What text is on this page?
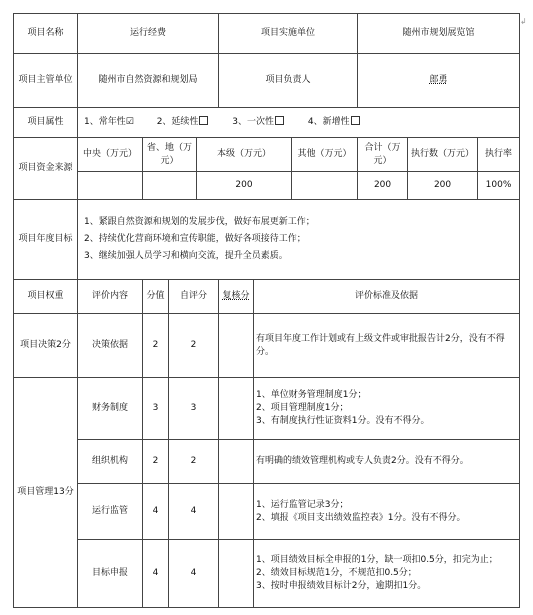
↲
项目名称	运行经费				项目实施单位			随州市规划展览馆		
项目主管单位	随州市自然资源和规划局				项目负责人			郎勇		
项目属性	1、常年性☑ 2、延续性 3、一次性 4、新增性									
项目资金来源	中央（万元）	省、地（万元）		本级（万元）			其他（万元）	合计（万元）	执行数（万元）	执行率
				200				200	200	100%
项目年度目标	1、紧跟自然资源和规划的发展步伐，做好布展更新工作；
2、持续优化营商环境和宣传职能，做好各项接待工作；
3、继续加强人员学习和横向交流，提升全员素质。									

项目权重	评价内容	分值	自评分		复核分	评价标准及依据				
项目决策2分	决策依据	2	2			有项目年度工作计划或有上级文件或审批报告计2分，没有不得分。				

项目管理13分	财务制度	3	3			1、单位财务管理制度1分；
2、项目管理制度1分；
3、有制度执行性证资料1分。没有不得分。				

	组织机构	2	2			有明确的绩效管理机构或专人负责2分。没有不得分。				

	运行监管	4	4			1、运行监管记录3分；
2、填报《项目支出绩效监控表》1分。没有不得分。				

	目标申报	4	4			1、项目绩效目标全申报的1分，缺一项扣0.5分，扣完为止；
2、绩效目标规范1分，不规范扣0.5分；
3、按时申报绩效目标计2分，逾期扣1分。				
